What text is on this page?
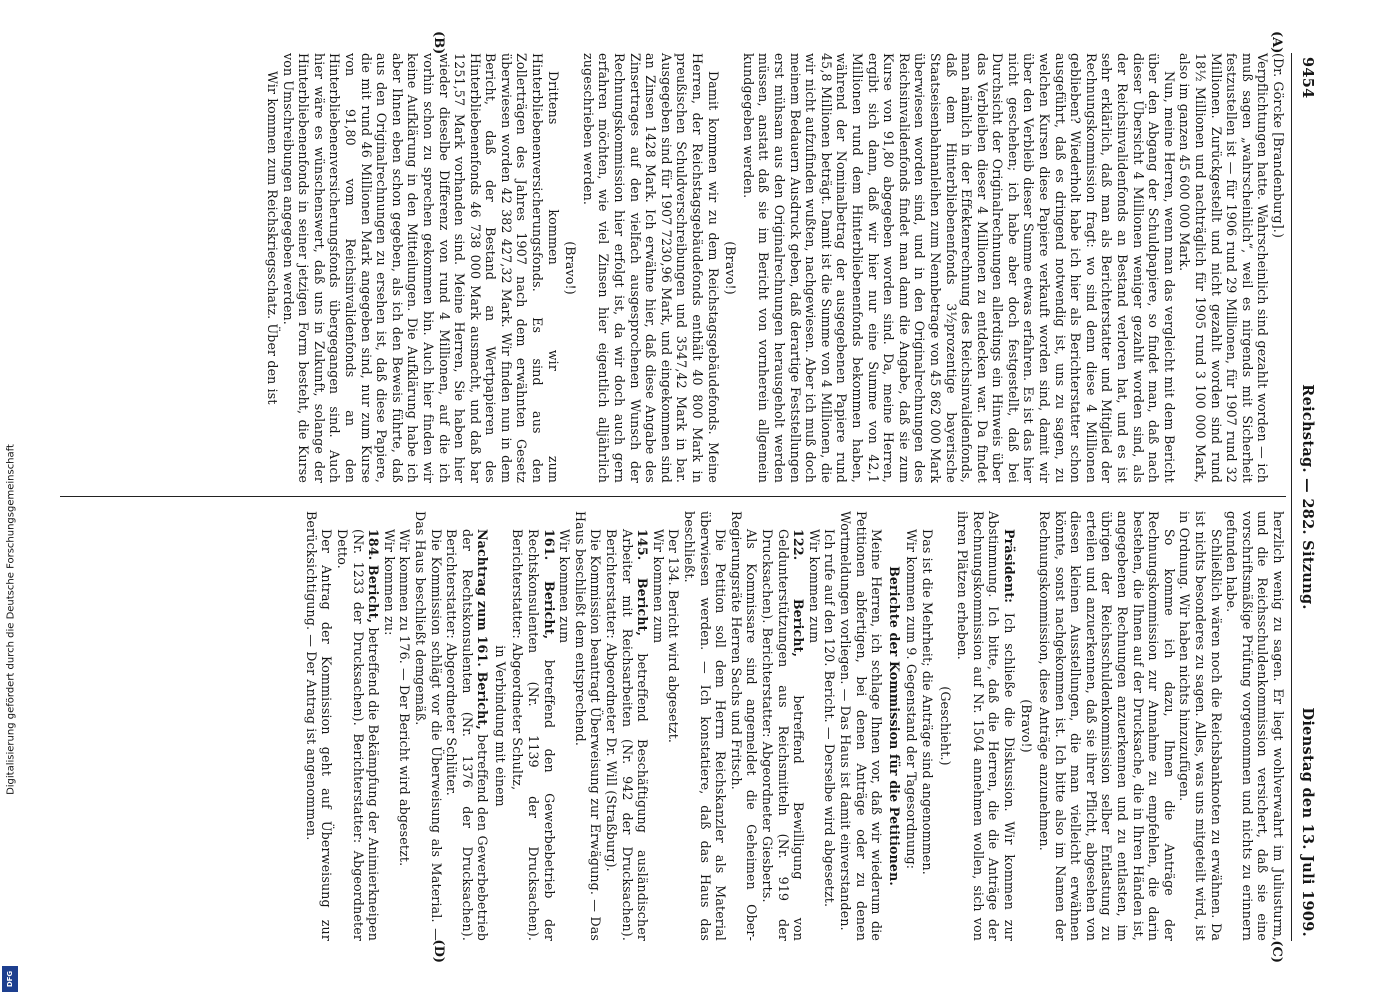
9454
Reichstag. — 282. Sitzung.
Dienstag den 13. Juli 1909.
(A)
(B)
(C)
(D)

(Dr. Görcke [Brandenburg].)

Verpflichtungen hatte. Wahrscheinlich sind gezahlt worden — ich muß sagen „wahrscheinlich“, weil es nirgends mit Sicherheit festzustellen ist — für 1906 rund 29 Millionen, für 1907 rund 32 Millionen. Zurückgestellt und nicht gezahlt worden sind rund 18½ Millionen und nachträglich für 1905 rund 3 100 000 Mark, also im ganzen 45 600 000 Mark.

Nun, meine Herren, wenn man das vergleicht mit dem Bericht über den Abgang der Schuldpapiere, so findet man, daß nach dieser Übersicht 4 Millionen weniger gezahlt worden sind, als der Reichsinvalidenfonds an Bestand verloren hat, und es ist sehr erklärlich, daß man als Berichterstatter und Mitglied der Rechnungskommission fragt: wo sind denn diese 4 Millionen geblieben? Wiederholt habe ich hier als Berichterstatter schon ausgeführt, daß es dringend notwendig ist, uns zu sagen, zu welchen Kursen diese Papiere verkauft worden sind, damit wir über den Verbleib dieser Summe etwas erfahren. Es ist das hier nicht geschehen; ich habe aber doch festgestellt, daß bei Durchsicht der Originalrechnungen allerdings ein Hinweis über das Verbleiben dieser 4 Millionen zu entdecken war. Da findet man nämlich in der Effektenrechnung des Reichsinvalidenfonds, daß dem Hinterbliebenenfonds 3½prozentige bayerische Staatseisenbahnanleihen zum Nennbetrage von 45 862 000 Mark überwiesen worden sind, und in den Originalrechnungen des Reichsinvalidenfonds findet man dann die Angabe, daß sie zum Kurse von 91,80 abgegeben worden sind. Da, meine Herren, ergibt sich dann, daß wir hier nur eine Summe von 42,1 Millionen rund dem Hinterbliebenenfonds bekommen haben, während der Nominalbetrag der ausgegebenen Papiere rund 45,8 Millionen beträgt. Damit ist die Summe von 4 Millionen, die wir nicht aufzufinden wußten, nachgewiesen. Aber ich muß doch meinem Bedauern Ausdruck geben, daß derartige Feststellungen erst mühsam aus den Originalrechnungen herausgeholt werden müssen, anstatt daß sie im Bericht von vornherein allgemein kundgegeben werden.

(Bravo!)

Damit kommen wir zu dem Reichstagsgebäudefonds. Meine Herren, der Reichstagsgebäudefonds enthält 40 800 Mark in preußischen Schuldverschreibungen und 3547,42 Mark in bar. Ausgegeben sind für 1907 7230,96 Mark, und eingekommen sind an Zinsen 1428 Mark. Ich erwähne hier, daß diese Angabe des Zinsertrages auf den vielfach ausgesprochenen Wunsch der Rechnungskommission hier erfolgt ist, da wir doch auch gern erfahren möchten, wie viel Zinsen hier eigentlich alljährlich zugeschrieben werden.

(Bravo!)

Drittens kommen wir zum Hinterbliebenenversicherungsfonds. Es sind aus den Zollerträgen des Jahres 1907 nach dem erwähnten Gesetz überwiesen worden 42 382 427,32 Mark. Wir finden nun in dem Bericht, daß der Bestand an Wertpapieren des Hinterbliebenenfonds 46 738 000 Mark ausmacht, und daß bar 1251,57 Mark vorhanden sind. Meine Herren, Sie haben hier wieder dieselbe Differenz von rund 4 Millionen, auf die ich vorhin schon zu sprechen gekommen bin. Auch hier finden wir keine Aufklärung in den Mitteilungen. Die Aufklärung habe ich aber Ihnen eben schon gegeben, als ich den Beweis führte, daß aus den Originalrechnungen zu ersehen ist, daß diese Papiere, die mit rund 46 Millionen Mark angegeben sind, nur zum Kurse von 91,80 vom Reichsinvalidenfonds an den Hinterbliebenenversicherungsfonds übergegangen sind. Auch hier wäre es wünschenswert, daß uns in Zukunft, solange der Hinterbliebenenfonds in seiner jetzigen Form besteht, die Kurse von Umschreibungen angegeben werden.

Wir kommen zum Reichskriegsschatz. Über den ist

herzlich wenig zu sagen. Er liegt wohlverwahrt im Juliusturm, und die Reichsschuldenkommission versichert, daß sie eine vorschriftsmäßige Prüfung vorgenommen und nichts zu erinnern gefunden habe.

Schließlich wären noch die Reichsbanknoten zu erwähnen. Da ist nichts besonderes zu sagen. Alles, was uns mitgeteilt wird, ist in Ordnung. Wir haben nichts hinzuzufügen.

So komme ich dazu, Ihnen die Anträge der Rechnungskommission zur Annahme zu empfehlen, die darin bestehen, die Ihnen auf der Drucksache, die in Ihren Händen ist, angegebenen Rechnungen anzuerkennen und zu entlasten, im übrigen der Reichsschuldenkommission selber Entlastung zu erteilen und anzuerkennen, daß sie ihrer Pflicht, abgesehen von diesen kleinen Ausstellungen, die man vielleicht erwähnen könnte, sonst nachgekommen ist. Ich bitte also im Namen der Rechnungskommission, diese Anträge anzunehmen.

(Bravo!)

Präsident: Ich schließe die Diskussion. Wir kommen zur Abstimmung. Ich bitte, daß die Herren, die die Anträge der Rechnungskommission auf Nr. 1504 annehmen wollen, sich von ihren Plätzen erheben.

(Geschieht.)

Das ist die Mehrheit; die Anträge sind angenommen.

Wir kommen zum 9. Gegenstand der Tagesordnung:

Berichte der Kommission für die Petitionen.

Meine Herren, ich schlage Ihnen vor, daß wir wiederum die Petitionen abfertigen, bei denen Anträge oder zu denen Wortmeldungen vorliegen. — Das Haus ist damit einverstanden.

Ich rufe auf den 120. Bericht. — Derselbe wird abgesetzt.

Wir kommen zum

122. Bericht, betreffend Bewilligung von Geldunterstützungen aus Reichsmitteln (Nr. 919 der Drucksachen). Berichterstatter: Abgeordneter Giesberts.

Als Kommissare sind angemeldet die Geheimen Ober-Regierungsräte Herren Sachs und Fritsch.

Die Petition soll dem Herrn Reichskanzler als Material überwiesen werden. — Ich konstatiere, daß das Haus das beschließt.

Der 134. Bericht wird abgesetzt.

Wir kommen zum

145. Bericht, betreffend Beschäftigung ausländischer Arbeiter mit Reichsarbeiten (Nr. 942 der Drucksachen). Berichterstatter: Abgeordneter Dr. Will (Straßburg).

Die Kommission beantragt Überweisung zur Erwägung. — Das Haus beschließt dem entsprechend.

Wir kommen zum

161. Bericht, betreffend den Gewerbebetrieb der Rechtskonsulenten (Nr. 1139 der Drucksachen). Berichterstatter: Abgeordneter Schultz,

in Verbindung mit einem

Nachtrag zum 161. Bericht, betreffend den Gewerbebetrieb der Rechtskonsulenten (Nr. 1376 der Drucksachen). Berichterstatter: Abgeordneter Schlüter.

Die Kommission schlägt vor die Überweisung als Material. — Das Haus beschließt demgemäß.

Wir kommen zu 176. — Der Bericht wird abgesetzt.

Wir kommen zu:

184. Bericht, betreffend die Bekämpfung der Animierkneipen (Nr. 1233 der Drucksachen). Berichterstatter: Abgeordneter Detto.

Der Antrag der Kommission geht auf Überweisung zur Berücksichtigung. — Der Antrag ist angenommen.

Digitalisierung gefördert durch die Deutsche Forschungsgemeinschaft
DFG
